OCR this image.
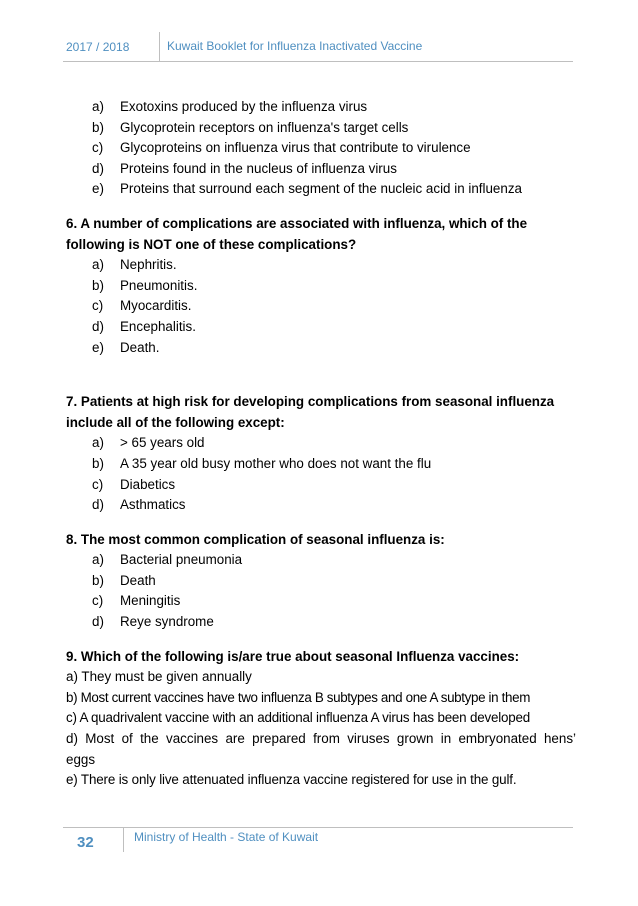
2017 / 2018	Kuwait Booklet for Influenza Inactivated Vaccine
a) Exotoxins produced by the influenza virus
b) Glycoprotein receptors on influenza's target cells
c) Glycoproteins on influenza virus that contribute to virulence
d) Proteins found in the nucleus of influenza virus
e) Proteins that surround each segment of the nucleic acid in influenza
6. A number of complications are associated with influenza, which of the
following is NOT one of these complications?
a) Nephritis.
b) Pneumonitis.
c) Myocarditis.
d) Encephalitis.
e) Death.
7. Patients at high risk for developing complications from seasonal influenza
include all of the following except:
a) > 65 years old
b) A 35 year old busy mother who does not want the flu
c) Diabetics
d) Asthmatics
8. The most common complication of seasonal influenza is:
a) Bacterial pneumonia
b) Death
c) Meningitis
d) Reye syndrome
9. Which of the following is/are true about seasonal Influenza vaccines:
a) They must be given annually
b) Most current vaccines have two influenza B subtypes and one A subtype in them
c) A quadrivalent vaccine with an additional influenza A virus has been developed
d) Most of the vaccines are prepared from viruses grown in embryonated hens’
eggs
e) There is only live attenuated influenza vaccine registered for use in the gulf.
32	Ministry of Health - State of Kuwait
